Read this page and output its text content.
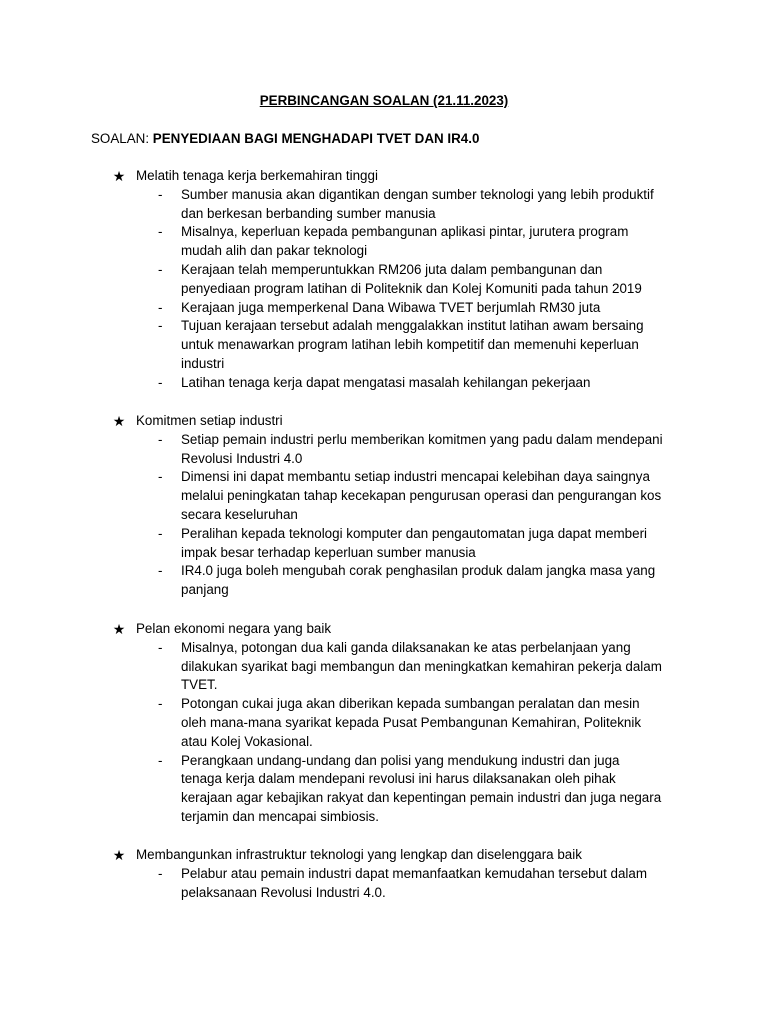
PERBINCANGAN SOALAN (21.11.2023)
SOALAN: PENYEDIAAN BAGI MENGHADAPI TVET DAN IR4.0
★ Melatih tenaga kerja berkemahiran tinggi
- Sumber manusia akan digantikan dengan sumber teknologi yang lebih produktif
dan berkesan berbanding sumber manusia
- Misalnya, keperluan kepada pembangunan aplikasi pintar, jurutera program
mudah alih dan pakar teknologi
- Kerajaan telah memperuntukkan RM206 juta dalam pembangunan dan
penyediaan program latihan di Politeknik dan Kolej Komuniti pada tahun 2019
- Kerajaan juga memperkenal Dana Wibawa TVET berjumlah RM30 juta
- Tujuan kerajaan tersebut adalah menggalakkan institut latihan awam bersaing
untuk menawarkan program latihan lebih kompetitif dan memenuhi keperluan
industri
- Latihan tenaga kerja dapat mengatasi masalah kehilangan pekerjaan
★ Komitmen setiap industri
- Setiap pemain industri perlu memberikan komitmen yang padu dalam mendepani
Revolusi Industri 4.0
- Dimensi ini dapat membantu setiap industri mencapai kelebihan daya saingnya
melalui peningkatan tahap kecekapan pengurusan operasi dan pengurangan kos
secara keseluruhan
- Peralihan kepada teknologi komputer dan pengautomatan juga dapat memberi
impak besar terhadap keperluan sumber manusia
- IR4.0 juga boleh mengubah corak penghasilan produk dalam jangka masa yang
panjang
★ Pelan ekonomi negara yang baik
- Misalnya, potongan dua kali ganda dilaksanakan ke atas perbelanjaan yang
dilakukan syarikat bagi membangun dan meningkatkan kemahiran pekerja dalam
TVET.
- Potongan cukai juga akan diberikan kepada sumbangan peralatan dan mesin
oleh mana-mana syarikat kepada Pusat Pembangunan Kemahiran, Politeknik
atau Kolej Vokasional.
- Perangkaan undang-undang dan polisi yang mendukung industri dan juga
tenaga kerja dalam mendepani revolusi ini harus dilaksanakan oleh pihak
kerajaan agar kebajikan rakyat dan kepentingan pemain industri dan juga negara
terjamin dan mencapai simbiosis.
★ Membangunkan infrastruktur teknologi yang lengkap dan diselenggara baik
- Pelabur atau pemain industri dapat memanfaatkan kemudahan tersebut dalam
pelaksanaan Revolusi Industri 4.0.
